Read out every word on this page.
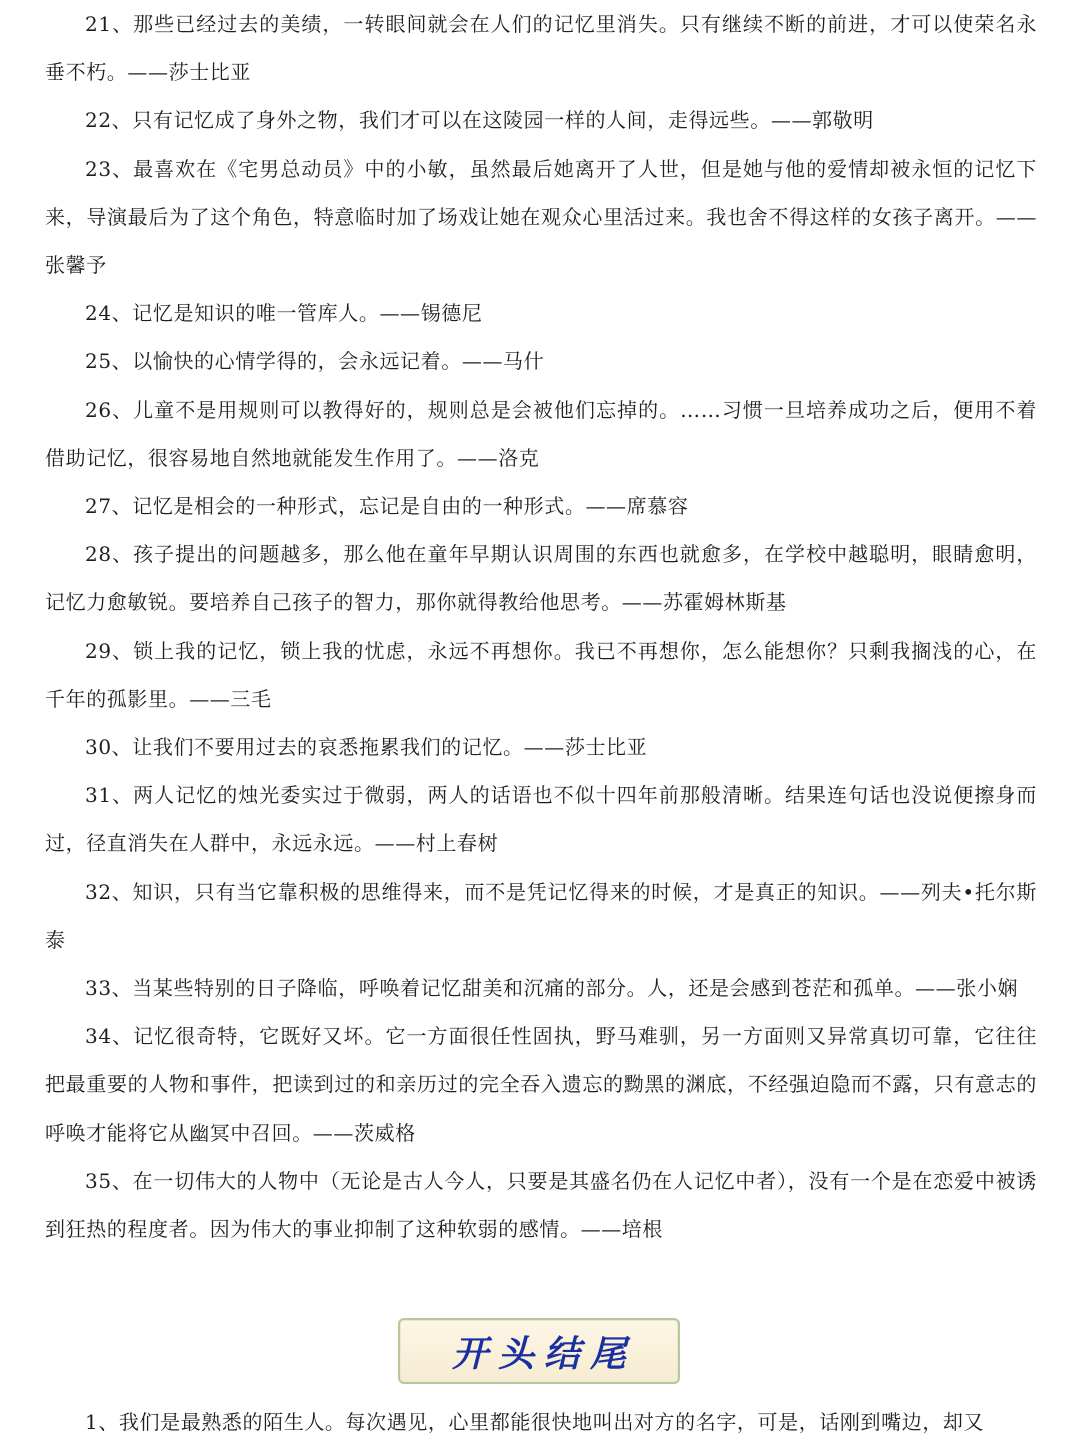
21、那些已经过去的美绩，一转眼间就会在人们的记忆里消失。只有继续不断的前进，才可以使荣名永垂不朽。——莎士比亚

22、只有记忆成了身外之物，我们才可以在这陵园一样的人间，走得远些。——郭敬明

23、最喜欢在《宅男总动员》中的小敏，虽然最后她离开了人世，但是她与他的爱情却被永恒的记忆下来，导演最后为了这个角色，特意临时加了场戏让她在观众心里活过来。我也舍不得这样的女孩子离开。——张馨予

24、记忆是知识的唯一管库人。——锡德尼

25、以愉快的心情学得的，会永远记着。——马什

26、儿童不是用规则可以教得好的，规则总是会被他们忘掉的。……习惯一旦培养成功之后，便用不着借助记忆，很容易地自然地就能发生作用了。——洛克

27、记忆是相会的一种形式，忘记是自由的一种形式。——席慕容

28、孩子提出的问题越多，那么他在童年早期认识周围的东西也就愈多，在学校中越聪明，眼睛愈明，记忆力愈敏锐。要培养自己孩子的智力，那你就得教给他思考。——苏霍姆林斯基

29、锁上我的记忆，锁上我的忧虑，永远不再想你。我已不再想你，怎么能想你？只剩我搁浅的心，在千年的孤影里。——三毛

30、让我们不要用过去的哀悉拖累我们的记忆。——莎士比亚

31、两人记忆的烛光委实过于微弱，两人的话语也不似十四年前那般清晰。结果连句话也没说便擦身而过，径直消失在人群中，永远永远。——村上春树

32、知识，只有当它靠积极的思维得来，而不是凭记忆得来的时候，才是真正的知识。——列夫•托尔斯泰

33、当某些特别的日子降临，呼唤着记忆甜美和沉痛的部分。人，还是会感到苍茫和孤单。——张小娴

34、记忆很奇特，它既好又坏。它一方面很任性固执，野马难驯，另一方面则又异常真切可靠，它往往把最重要的人物和事件，把读到过的和亲历过的完全吞入遗忘的黝黑的渊底，不经强迫隐而不露，只有意志的呼唤才能将它从幽冥中召回。——茨威格

35、在一切伟大的人物中（无论是古人今人，只要是其盛名仍在人记忆中者），没有一个是在恋爱中被诱到狂热的程度者。因为伟大的事业抑制了这种软弱的感情。——培根

开头结尾

1、我们是最熟悉的陌生人。每次遇见，心里都能很快地叫出对方的名字，可是，话刚到嘴边，却又
